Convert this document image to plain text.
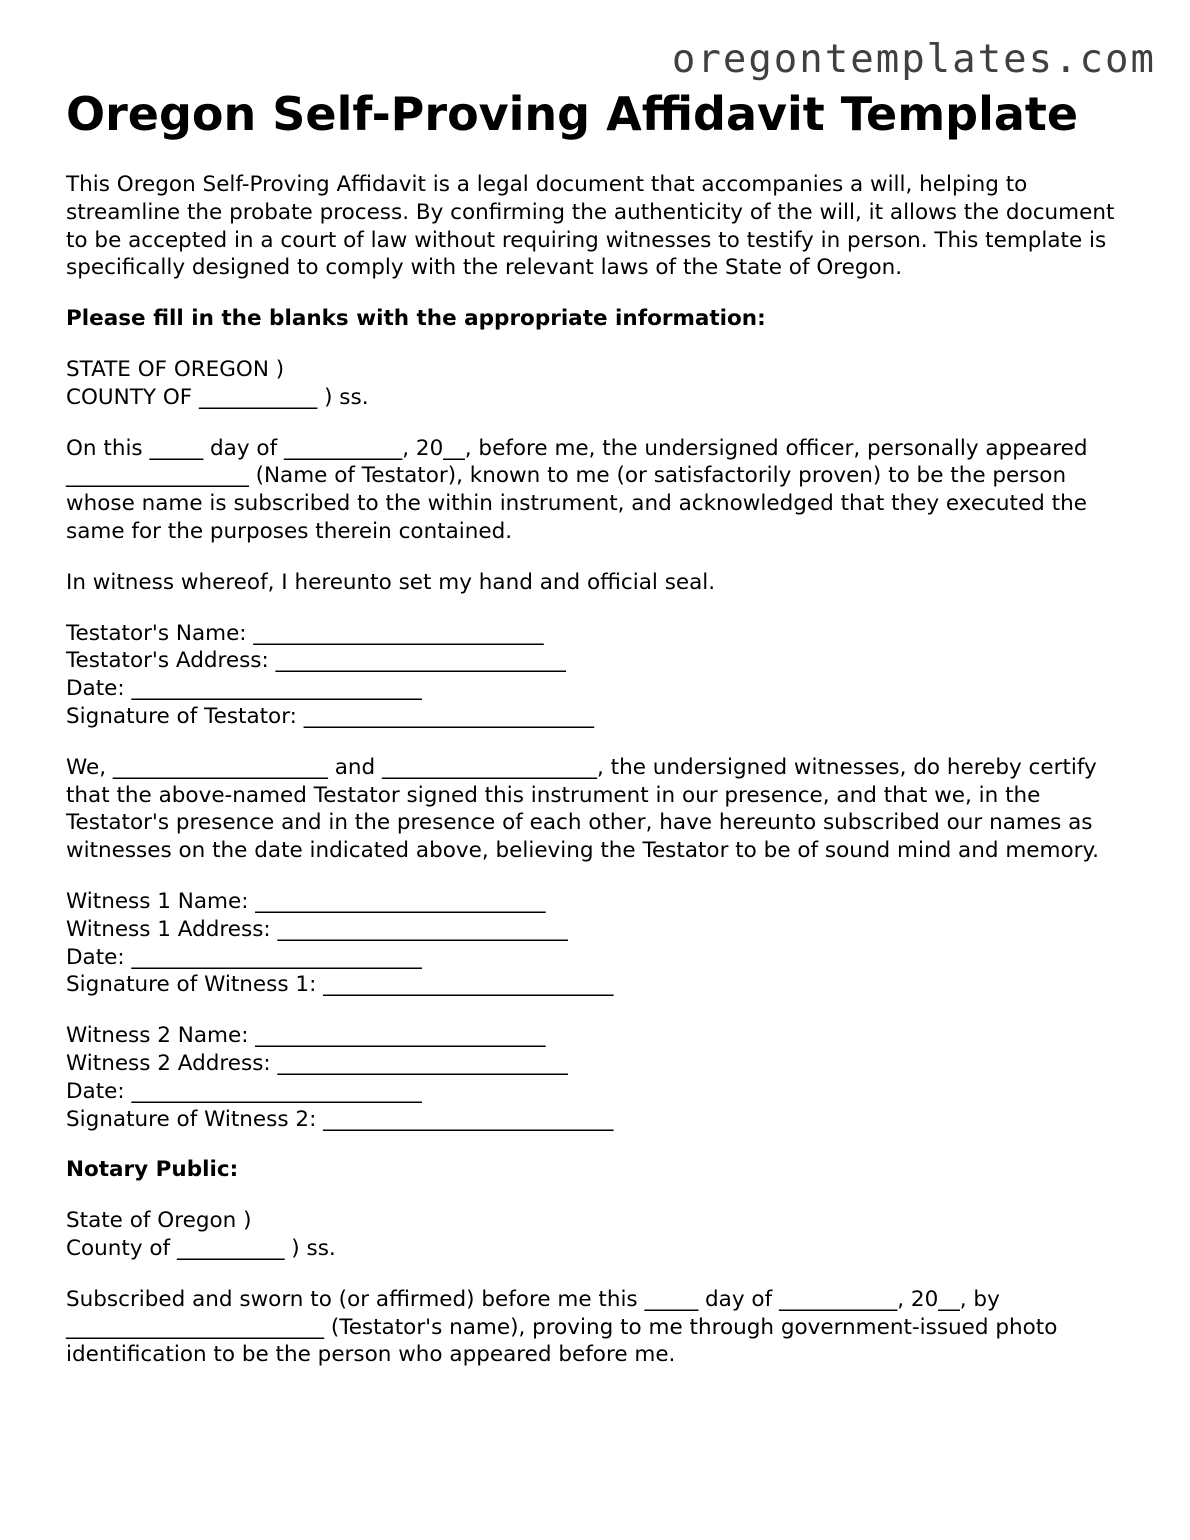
oregontemplates.com
Oregon Self-Proving Affidavit Template

This Oregon Self-Proving Affidavit is a legal document that accompanies a will, helping to streamline the probate process. By confirming the authenticity of the will, it allows the document to be accepted in a court of law without requiring witnesses to testify in person. This template is specifically designed to comply with the relevant laws of the State of Oregon.

Please fill in the blanks with the appropriate information:

STATE OF OREGON )
COUNTY OF ___________ ) ss.

On this _____ day of ___________, 20__, before me, the undersigned officer, personally appeared _________________ (Name of Testator), known to me (or satisfactorily proven) to be the person whose name is subscribed to the within instrument, and acknowledged that they executed the same for the purposes therein contained.

In witness whereof, I hereunto set my hand and official seal.

Testator's Name: ___________________________
Testator's Address: ___________________________
Date: ___________________________
Signature of Testator: ___________________________

We, ____________________ and ____________________, the undersigned witnesses, do hereby certify that the above-named Testator signed this instrument in our presence, and that we, in the Testator's presence and in the presence of each other, have hereunto subscribed our names as witnesses on the date indicated above, believing the Testator to be of sound mind and memory.

Witness 1 Name: ___________________________
Witness 1 Address: ___________________________
Date: ___________________________
Signature of Witness 1: ___________________________
Witness 2 Name: ___________________________
Witness 2 Address: ___________________________
Date: ___________________________
Signature of Witness 2: ___________________________

Notary Public:

State of Oregon )
County of __________ ) ss.

Subscribed and sworn to (or affirmed) before me this _____ day of ___________, 20__, by ________________________ (Testator's name), proving to me through government-issued photo identification to be the person who appeared before me.
